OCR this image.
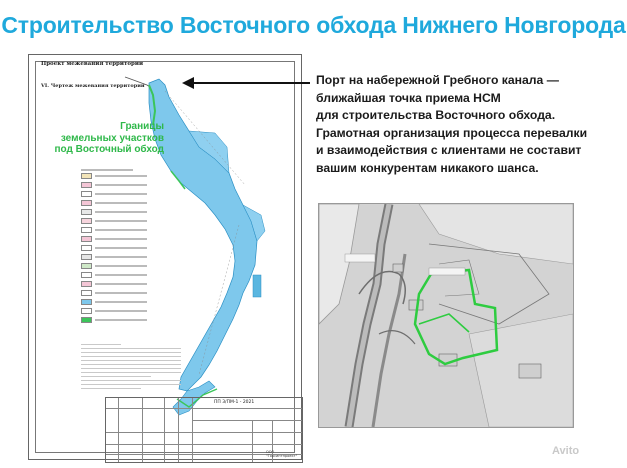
Строительство Восточного обхода Нижнего Новгорода
Проект межевания территории
VI. Чертеж межевания территории
Границы
земельных участков
под Восточный обход
ПП 3/ПМ-1 - 2021
ООО "Горсинтпроект"
Порт на набережной Гребного канала —
ближайшая точка приема НСМ
для строительства Восточного обхода.
Грамотная организация процесса перевалки
и взаимодействия с клиентами не составит
вашим конкурентам никакого шанса.
Avito
